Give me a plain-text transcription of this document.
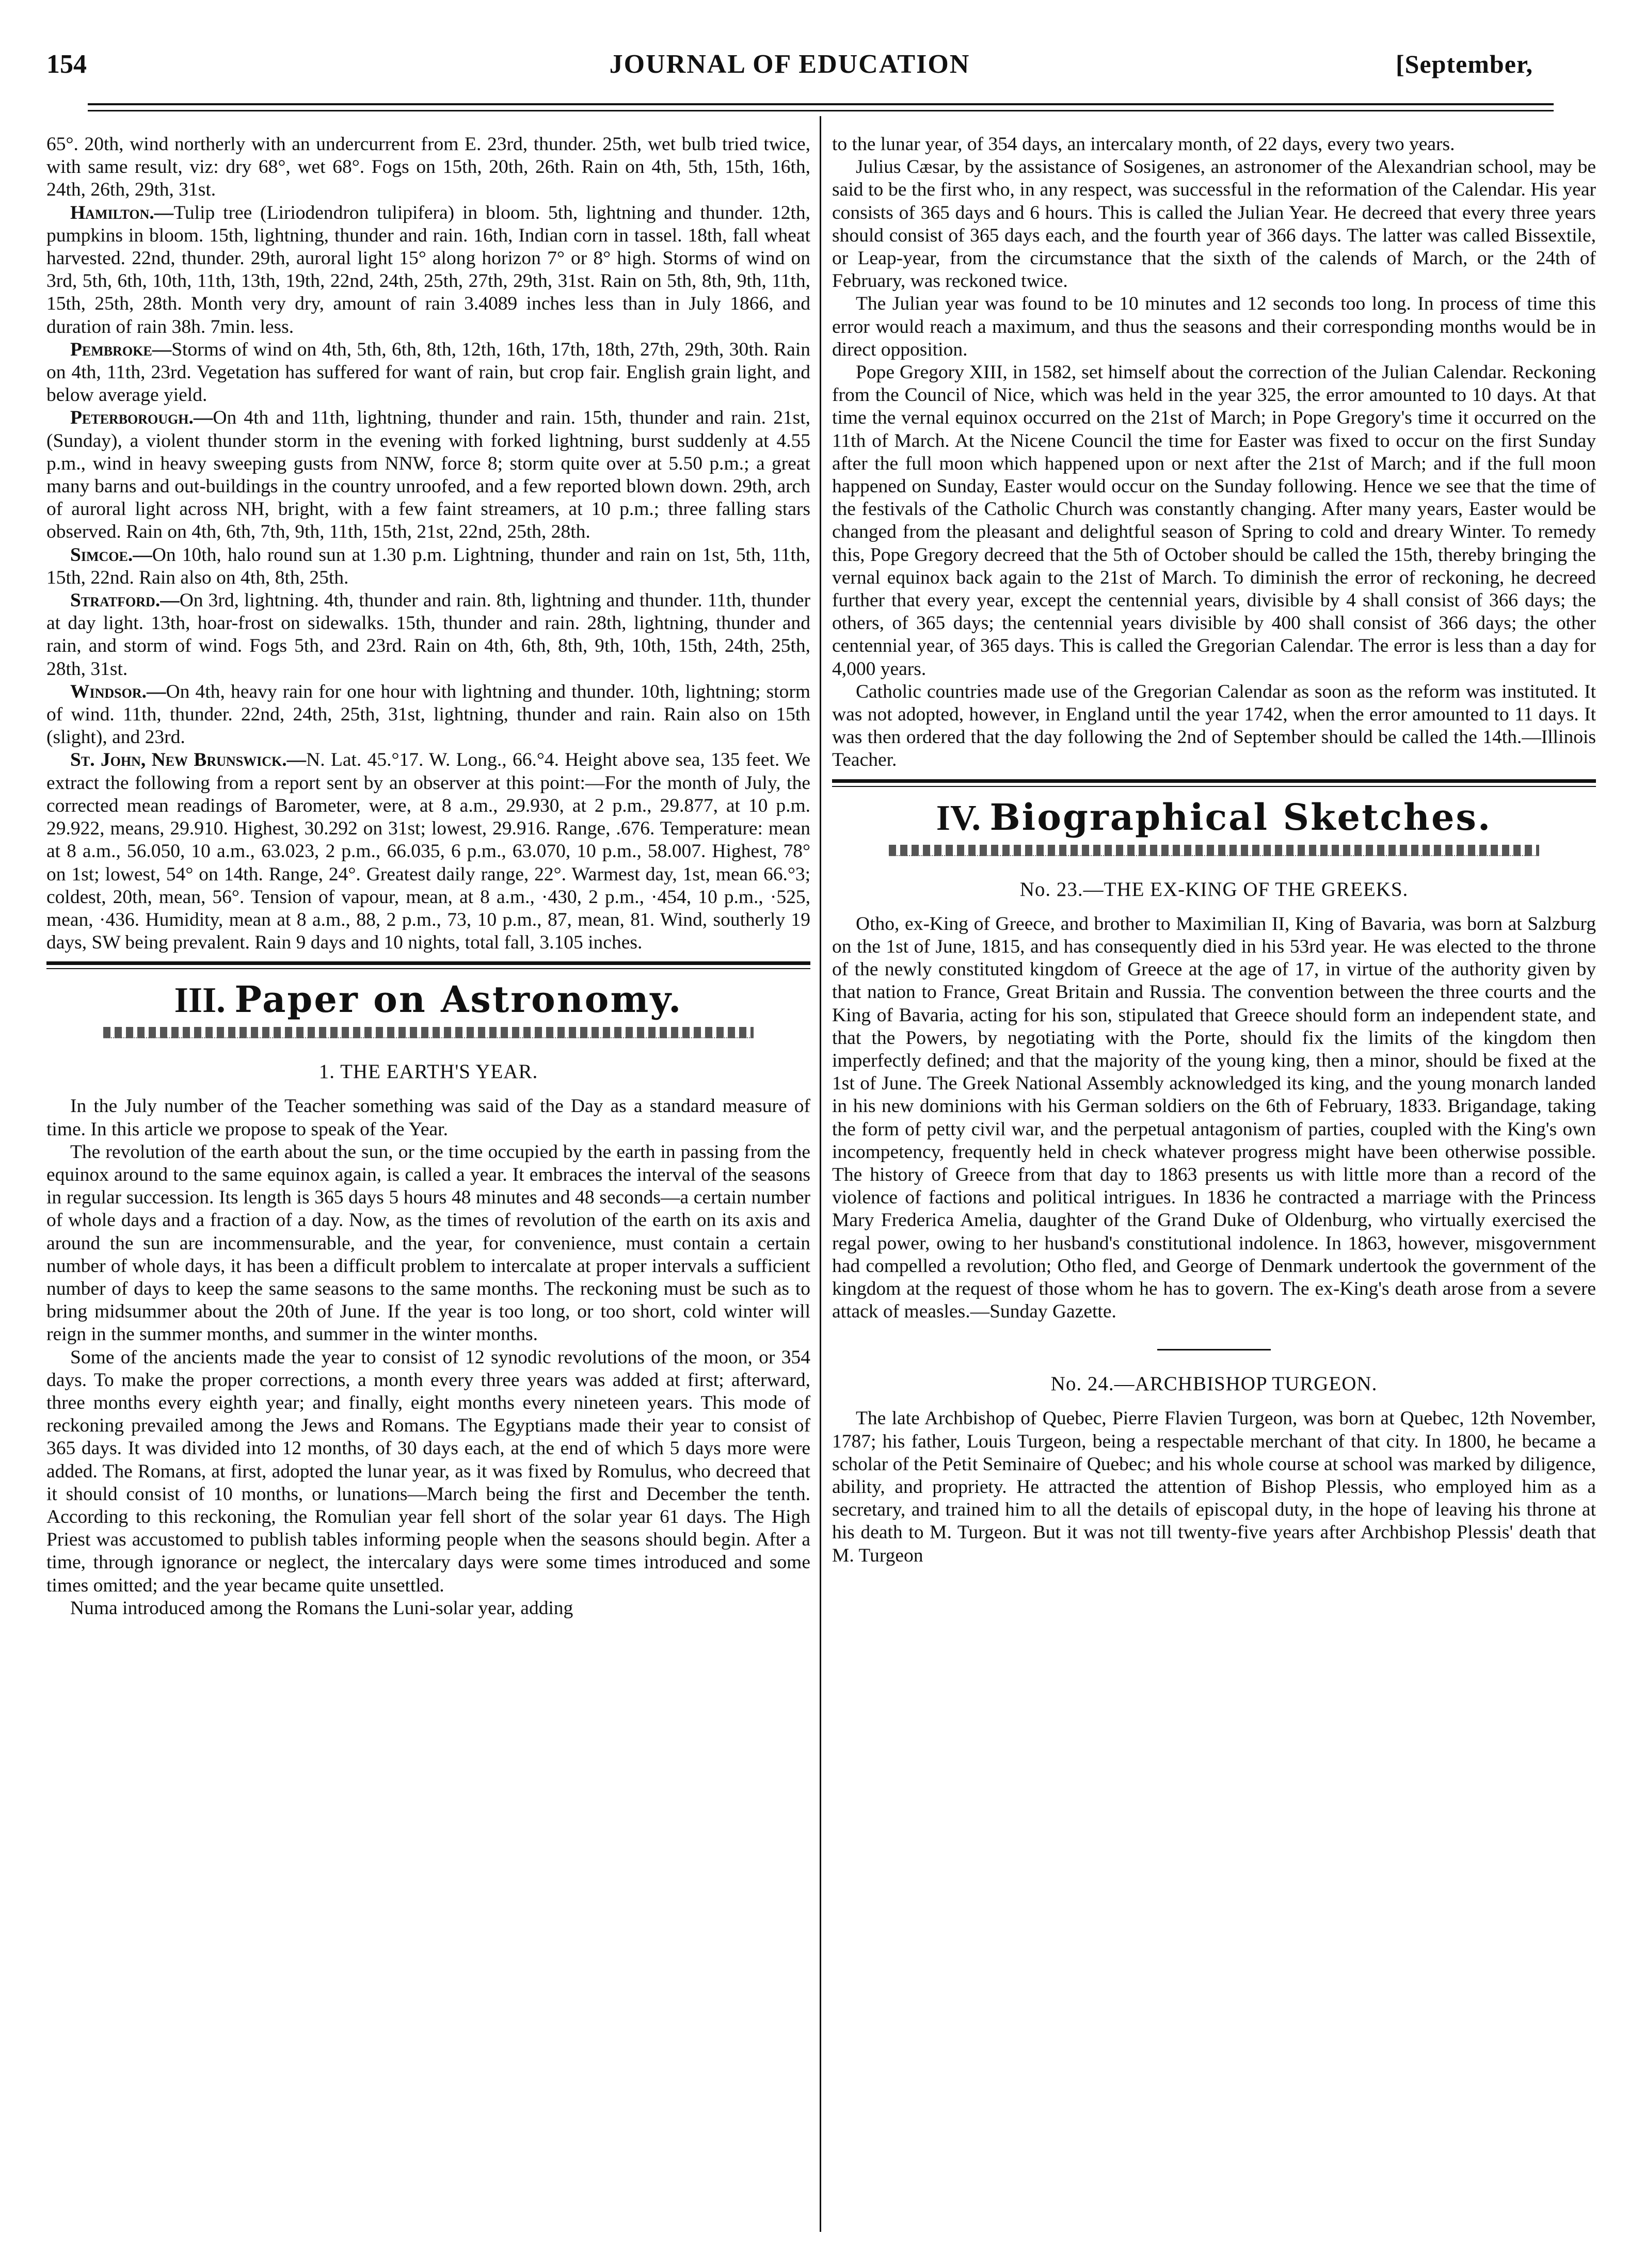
154	JOURNAL OF EDUCATION	[September,

65°. 20th, wind northerly with an undercurrent from E. 23rd, thunder. 25th, wet bulb tried twice, with same result, viz: dry 68°, wet 68°. Fogs on 15th, 20th, 26th. Rain on 4th, 5th, 15th, 16th, 24th, 26th, 29th, 31st.

Hamilton.—Tulip tree (Liriodendron tulipifera) in bloom. 5th, lightning and thunder. 12th, pumpkins in bloom. 15th, lightning, thunder and rain. 16th, Indian corn in tassel. 18th, fall wheat harvested. 22nd, thunder. 29th, auroral light 15° along horizon 7° or 8° high. Storms of wind on 3rd, 5th, 6th, 10th, 11th, 13th, 19th, 22nd, 24th, 25th, 27th, 29th, 31st. Rain on 5th, 8th, 9th, 11th, 15th, 25th, 28th. Month very dry, amount of rain 3.4089 inches less than in July 1866, and duration of rain 38h. 7min. less.

Pembroke—Storms of wind on 4th, 5th, 6th, 8th, 12th, 16th, 17th, 18th, 27th, 29th, 30th. Rain on 4th, 11th, 23rd. Vegetation has suffered for want of rain, but crop fair. English grain light, and below average yield.

Peterborough.—On 4th and 11th, lightning, thunder and rain. 15th, thunder and rain. 21st, (Sunday), a violent thunder storm in the evening with forked lightning, burst suddenly at 4.55 p.m., wind in heavy sweeping gusts from NNW, force 8; storm quite over at 5.50 p.m.; a great many barns and out-buildings in the country unroofed, and a few reported blown down. 29th, arch of auroral light across NH, bright, with a few faint streamers, at 10 p.m.; three falling stars observed. Rain on 4th, 6th, 7th, 9th, 11th, 15th, 21st, 22nd, 25th, 28th.

Simcoe.—On 10th, halo round sun at 1.30 p.m. Lightning, thunder and rain on 1st, 5th, 11th, 15th, 22nd. Rain also on 4th, 8th, 25th.

Stratford.—On 3rd, lightning. 4th, thunder and rain. 8th, lightning and thunder. 11th, thunder at day light. 13th, hoar-frost on sidewalks. 15th, thunder and rain. 28th, lightning, thunder and rain, and storm of wind. Fogs 5th, and 23rd. Rain on 4th, 6th, 8th, 9th, 10th, 15th, 24th, 25th, 28th, 31st.

Windsor.—On 4th, heavy rain for one hour with lightning and thunder. 10th, lightning; storm of wind. 11th, thunder. 22nd, 24th, 25th, 31st, lightning, thunder and rain. Rain also on 15th (slight), and 23rd.

St. John, New Brunswick.—N. Lat. 45.°17. W. Long., 66.°4. Height above sea, 135 feet. We extract the following from a report sent by an observer at this point:—For the month of July, the corrected mean readings of Barometer, were, at 8 a.m., 29.930, at 2 p.m., 29.877, at 10 p.m. 29.922, means, 29.910. Highest, 30.292 on 31st; lowest, 29.916. Range, .676. Temperature: mean at 8 a.m., 56.050, 10 a.m., 63.023, 2 p.m., 66.035, 6 p.m., 63.070, 10 p.m., 58.007. Highest, 78° on 1st; lowest, 54° on 14th. Range, 24°. Greatest daily range, 22°. Warmest day, 1st, mean 66.°3; coldest, 20th, mean, 56°. Tension of vapour, mean, at 8 a.m., ·430, 2 p.m., ·454, 10 p.m., ·525, mean, ·436. Humidity, mean at 8 a.m., 88, 2 p.m., 73, 10 p.m., 87, mean, 81. Wind, southerly 19 days, SW being prevalent. Rain 9 days and 10 nights, total fall, 3.105 inches.

III. Paper on Astronomy.
1. THE EARTH'S YEAR.

In the July number of the Teacher something was said of the Day as a standard measure of time. In this article we propose to speak of the Year.

The revolution of the earth about the sun, or the time occupied by the earth in passing from the equinox around to the same equinox again, is called a year. It embraces the interval of the seasons in regular succession. Its length is 365 days 5 hours 48 minutes and 48 seconds—a certain number of whole days and a fraction of a day. Now, as the times of revolution of the earth on its axis and around the sun are incommensurable, and the year, for convenience, must contain a certain number of whole days, it has been a difficult problem to intercalate at proper intervals a sufficient number of days to keep the same seasons to the same months. The reckoning must be such as to bring midsummer about the 20th of June. If the year is too long, or too short, cold winter will reign in the summer months, and summer in the winter months.

Some of the ancients made the year to consist of 12 synodic revolutions of the moon, or 354 days. To make the proper corrections, a month every three years was added at first; afterward, three months every eighth year; and finally, eight months every nineteen years. This mode of reckoning prevailed among the Jews and Romans. The Egyptians made their year to consist of 365 days. It was divided into 12 months, of 30 days each, at the end of which 5 days more were added. The Romans, at first, adopted the lunar year, as it was fixed by Romulus, who decreed that it should consist of 10 months, or lunations—March being the first and December the tenth. According to this reckoning, the Romulian year fell short of the solar year 61 days. The High Priest was accustomed to publish tables informing people when the seasons should begin. After a time, through ignorance or neglect, the intercalary days were some times introduced and some times omitted; and the year became quite unsettled.

Numa introduced among the Romans the Luni-solar year, adding

to the lunar year, of 354 days, an intercalary month, of 22 days, every two years.

Julius Cæsar, by the assistance of Sosigenes, an astronomer of the Alexandrian school, may be said to be the first who, in any respect, was successful in the reformation of the Calendar. His year consists of 365 days and 6 hours. This is called the Julian Year. He decreed that every three years should consist of 365 days each, and the fourth year of 366 days. The latter was called Bissextile, or Leap-year, from the circumstance that the sixth of the calends of March, or the 24th of February, was reckoned twice.

The Julian year was found to be 10 minutes and 12 seconds too long. In process of time this error would reach a maximum, and thus the seasons and their corresponding months would be in direct opposition.

Pope Gregory XIII, in 1582, set himself about the correction of the Julian Calendar. Reckoning from the Council of Nice, which was held in the year 325, the error amounted to 10 days. At that time the vernal equinox occurred on the 21st of March; in Pope Gregory's time it occurred on the 11th of March. At the Nicene Council the time for Easter was fixed to occur on the first Sunday after the full moon which happened upon or next after the 21st of March; and if the full moon happened on Sunday, Easter would occur on the Sunday following. Hence we see that the time of the festivals of the Catholic Church was constantly changing. After many years, Easter would be changed from the pleasant and delightful season of Spring to cold and dreary Winter. To remedy this, Pope Gregory decreed that the 5th of October should be called the 15th, thereby bringing the vernal equinox back again to the 21st of March. To diminish the error of reckoning, he decreed further that every year, except the centennial years, divisible by 4 shall consist of 366 days; the others, of 365 days; the centennial years divisible by 400 shall consist of 366 days; the other centennial year, of 365 days. This is called the Gregorian Calendar. The error is less than a day for 4,000 years.

Catholic countries made use of the Gregorian Calendar as soon as the reform was instituted. It was not adopted, however, in England until the year 1742, when the error amounted to 11 days. It was then ordered that the day following the 2nd of September should be called the 14th.—Illinois Teacher.

IV. Biographical Sketches.
No. 23.—THE EX-KING OF THE GREEKS.

Otho, ex-King of Greece, and brother to Maximilian II, King of Bavaria, was born at Salzburg on the 1st of June, 1815, and has consequently died in his 53rd year. He was elected to the throne of the newly constituted kingdom of Greece at the age of 17, in virtue of the authority given by that nation to France, Great Britain and Russia. The convention between the three courts and the King of Bavaria, acting for his son, stipulated that Greece should form an independent state, and that the Powers, by negotiating with the Porte, should fix the limits of the kingdom then imperfectly defined; and that the majority of the young king, then a minor, should be fixed at the 1st of June. The Greek National Assembly acknowledged its king, and the young monarch landed in his new dominions with his German soldiers on the 6th of February, 1833. Brigandage, taking the form of petty civil war, and the perpetual antagonism of parties, coupled with the King's own incompetency, frequently held in check whatever progress might have been otherwise possible. The history of Greece from that day to 1863 presents us with little more than a record of the violence of factions and political intrigues. In 1836 he contracted a marriage with the Princess Mary Frederica Amelia, daughter of the Grand Duke of Oldenburg, who virtually exercised the regal power, owing to her husband's constitutional indolence. In 1863, however, misgovernment had compelled a revolution; Otho fled, and George of Denmark undertook the government of the kingdom at the request of those whom he has to govern. The ex-King's death arose from a severe attack of measles.—Sunday Gazette.

No. 24.—ARCHBISHOP TURGEON.

The late Archbishop of Quebec, Pierre Flavien Turgeon, was born at Quebec, 12th November, 1787; his father, Louis Turgeon, being a respectable merchant of that city. In 1800, he became a scholar of the Petit Seminaire of Quebec; and his whole course at school was marked by diligence, ability, and propriety. He attracted the attention of Bishop Plessis, who employed him as a secretary, and trained him to all the details of episcopal duty, in the hope of leaving his throne at his death to M. Turgeon. But it was not till twenty-five years after Archbishop Plessis' death that M. Turgeon
